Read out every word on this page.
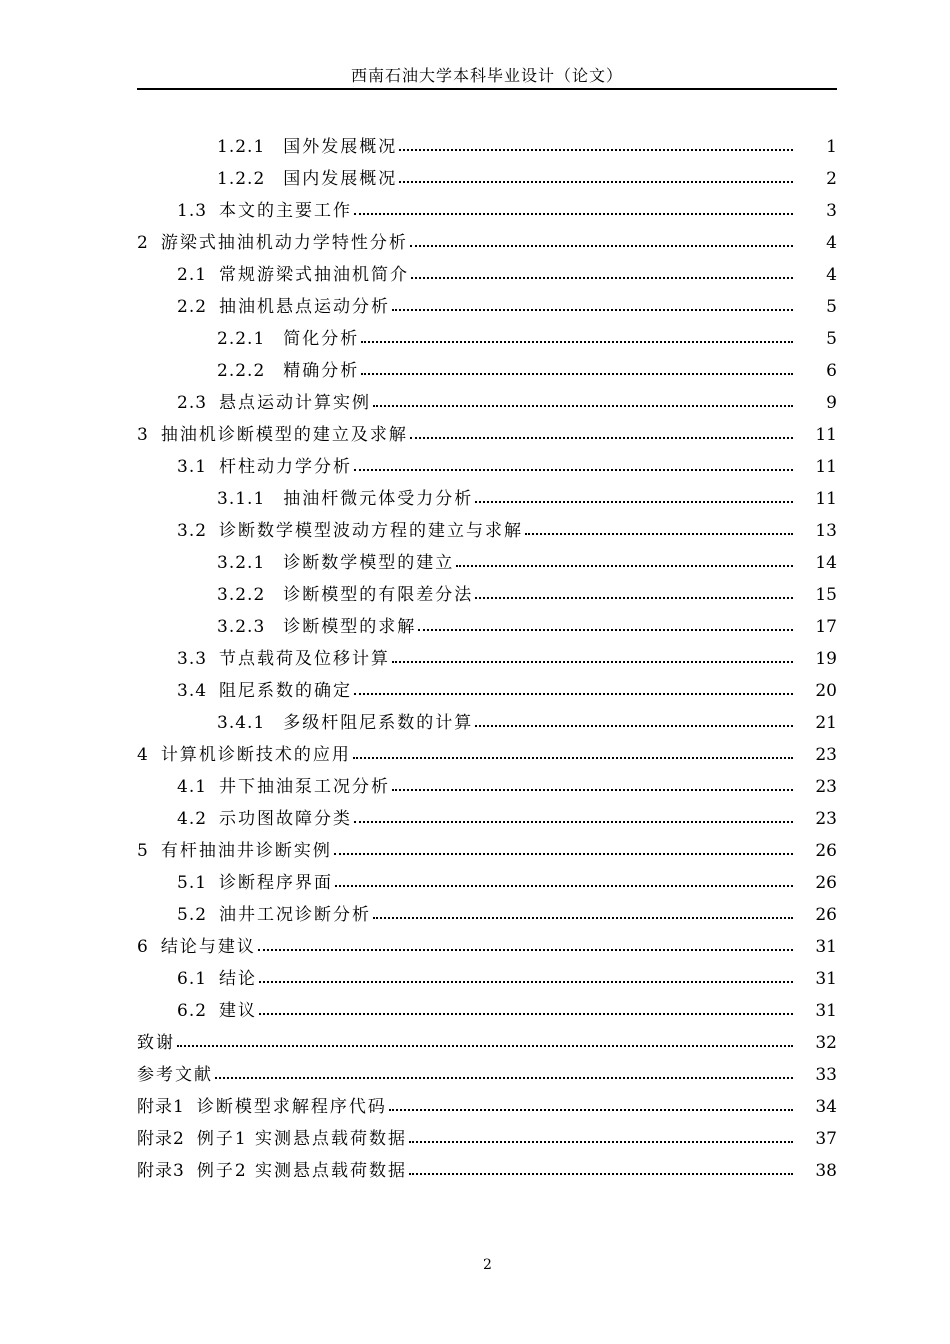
西南石油大学本科毕业设计（论文）
1.2.1 国外发展概况	1
1.2.2 国内发展概况	2
1.3 本文的主要工作	3
2 游梁式抽油机动力学特性分析	4
2.1 常规游梁式抽油机简介	4
2.2 抽油机悬点运动分析	5
2.2.1 简化分析	5
2.2.2 精确分析	6
2.3 悬点运动计算实例	9
3 抽油机诊断模型的建立及求解	11
3.1 杆柱动力学分析	11
3.1.1 抽油杆微元体受力分析	11
3.2 诊断数学模型波动方程的建立与求解	13
3.2.1 诊断数学模型的建立	14
3.2.2 诊断模型的有限差分法	15
3.2.3 诊断模型的求解	17
3.3 节点载荷及位移计算	19
3.4 阻尼系数的确定	20
3.4.1 多级杆阻尼系数的计算	21
4 计算机诊断技术的应用	23
4.1 井下抽油泵工况分析	23
4.2 示功图故障分类	23
5 有杆抽油井诊断实例	26
5.1 诊断程序界面	26
5.2 油井工况诊断分析	26
6 结论与建议	31
6.1 结论	31
6.2 建议	31
致谢	32
参考文献	33
附录1 诊断模型求解程序代码	34
附录2 例子1 实测悬点载荷数据	37
附录3 例子2 实测悬点载荷数据	38
2
